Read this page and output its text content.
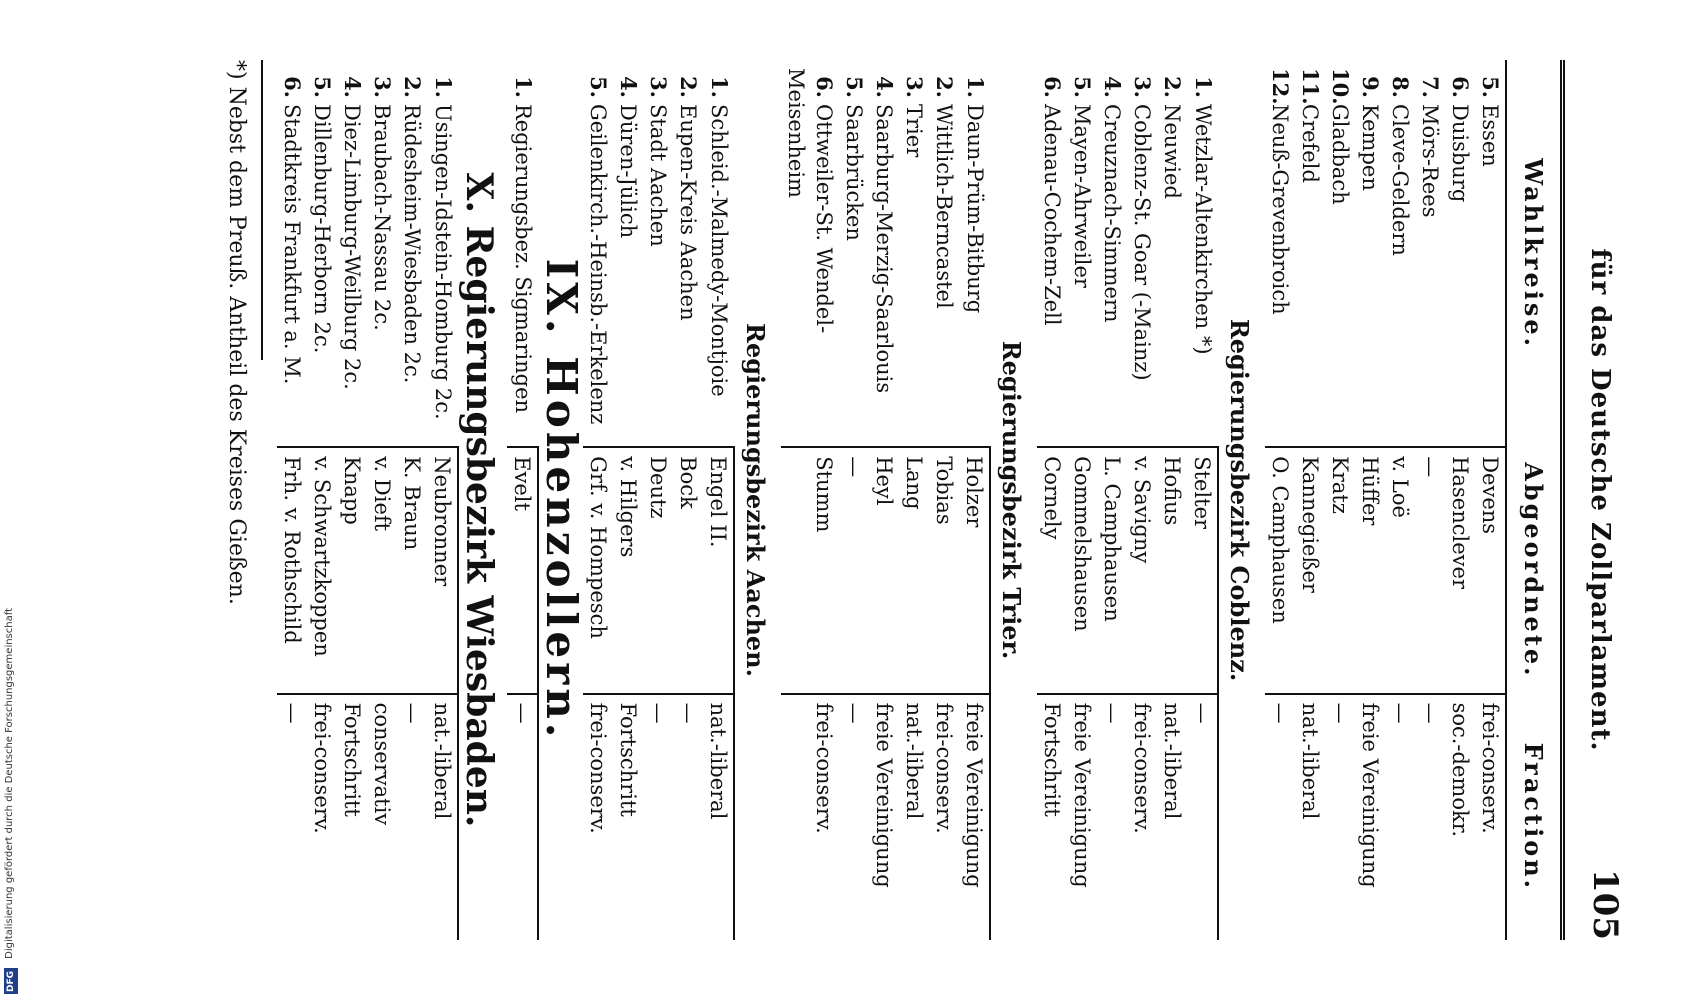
Digitalisierung gefördert durch die Deutsche Forschungsgemeinschaft
DFG
für das Deutsche Zollparlament.
105
Wahlkreise.	Abgeordnete.	Fraction.
5.Essen	Devens	frei-conserv.
6.Duisburg	Hasenclever	soc.-demokr.
7.Mörs-Rees	—	—
8.Cleve-Geldern	v. Loë	—
9.Kempen	Hüffer	freie Vereinigung
10.Gladbach	Kratz	—
11.Crefeld	Kannegießer	nat.-liberal
12.Neuß-Grevenbroich	O. Camphausen	—
Regierungsbezirk Coblenz.		
1.Wetzlar-Altenkirchen *)	Stelter	—
2.Neuwied	Hofius	nat.-liberal
3.Coblenz-St. Goar (-Mainz)	v. Savigny	frei-conserv.
4.Creuznach-Simmern	L. Camphausen	—
5.Mayen-Ahrweiler	Gommelshausen	freie Vereinigung
6.Adenau-Cochem-Zell	Cornely	Fortschritt
Regierungsbezirk Trier.		
1.Daun-Prüm-Bitburg	Holzer	freie Vereinigung
2.Wittlich-Berncastel	Tobias	frei-conserv.
3.Trier	Lang	nat.-liberal
4.Saarburg-Merzig-Saarlouis	Heyl	freie Vereinigung
5.Saarbrücken	—	—
6.Ottweiler-St. Wendel-Meisenheim	Stumm	frei-conserv.
Regierungsbezirk Aachen.		
1.Schleid.-Malmedy-Montjoie	Engel II.	nat.-liberal
2.Eupen-Kreis Aachen	Bock	—
3.Stadt Aachen	Deutz	—
4.Düren-Jülich	v. Hilgers	Fortschritt
5.Geilenkirch.-Heinsb.-Erkelenz	Grf. v. Hompesch	frei-conserv.
IX. Hohenzollern.		
1.Regierungsbez. Sigmaringen	Evelt	—
X. Regierungsbezirk Wiesbaden.		
1.Usingen-Idstein-Homburg 2c.	Neubronner	nat.-liberal
2.Rüdesheim-Wiesbaden 2c.	K. Braun	—
3.Braubach-Nassau 2c.	v. Dieft	conservativ
4.Diez-Limburg-Weilburg 2c.	Knapp	Fortschritt
5.Dillenburg-Herborn 2c.	v. Schwartzkoppen	frei-conserv.
6.Stadtkreis Frankfurt a. M.	Frh. v. Rothschild	—
*) Nebst dem Preuß. Antheil des Kreises Gießen.
